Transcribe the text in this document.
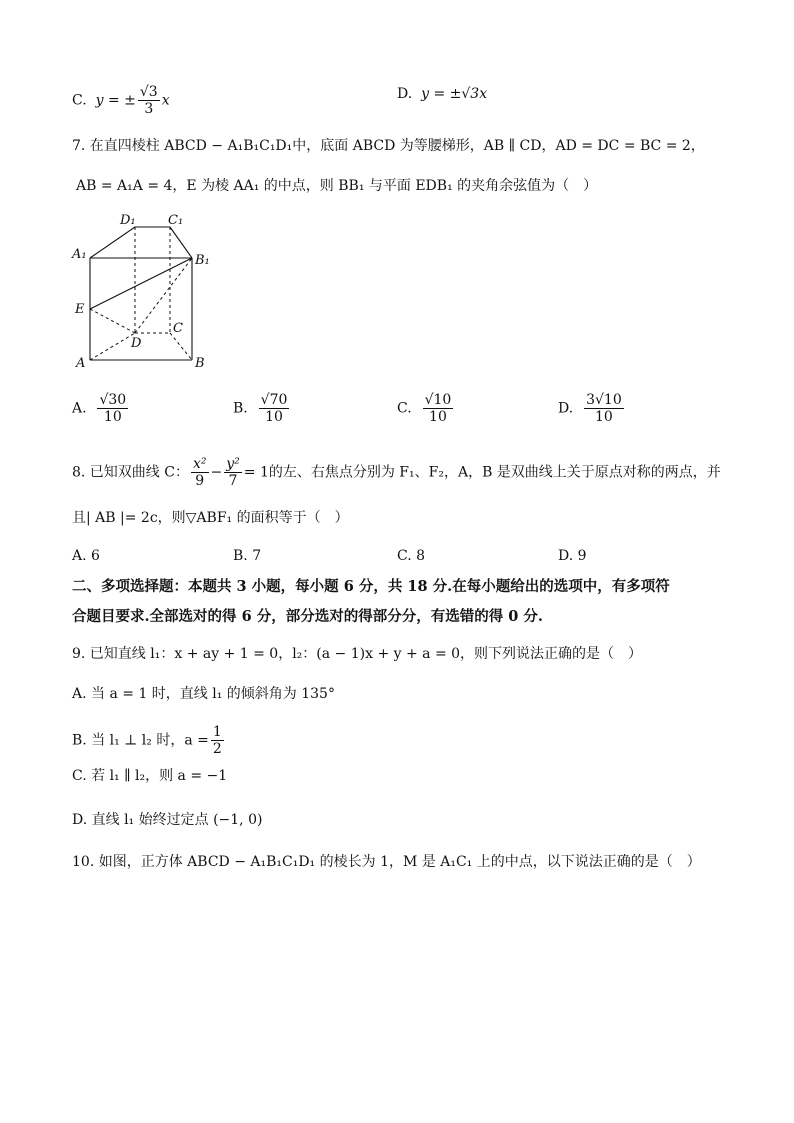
C. y = ± $\frac{√3}{3}$ x	D. y = ±√3x
7. 在直四棱柱 ABCD − A₁B₁C₁D₁中，底面 ABCD 为等腰梯形，AB ∥ CD，AD = DC = BC = 2，
AB = A₁A = 4，E 为棱 AA₁ 的中点，则 BB₁ 与平面 EDB₁ 的夹角余弦值为（　）
D₁ C₁
A₁	B₁
E
C
D
A	B
A. $\frac{√30}{10}$	B. $\frac{√70}{10}$	C. $\frac{√10}{10}$	D. $\frac{3√10}{10}$
8. 已知双曲线 C： $\frac{\text{x²}}{9} - \frac{\text{y²}}{7} = 1$的左、右焦点分别为 F₁、F₂，A，B 是双曲线上关于原点对称的两点，并
且| AB |= 2c，则▽ABF₁ 的面积等于（　）
A. 6	B. 7	C. 8	D. 9
二、多项选择题：本题共 3 小题，每小题 6 分，共 18 分.在每小题给出的选项中，有多项符
合题目要求.全部选对的得 6 分，部分选对的得部分分，有选错的得 0 分.
9. 已知直线 l₁：x + ay + 1 = 0，l₂：(a − 1)x + y + a = 0，则下列说法正确的是（　）
A. 当 a = 1 时，直线 l₁ 的倾斜角为 135°
B. 当 l₁ ⊥ l₂ 时，$a = \frac{1}{2}$
C. 若 l₁ ∥ l₂，则 a = −1
D. 直线 l₁ 始终过定点 (−1, 0)
10. 如图，正方体 ABCD − A₁B₁C₁D₁ 的棱长为 1，M 是 A₁C₁ 上的中点，以下说法正确的是（　）
